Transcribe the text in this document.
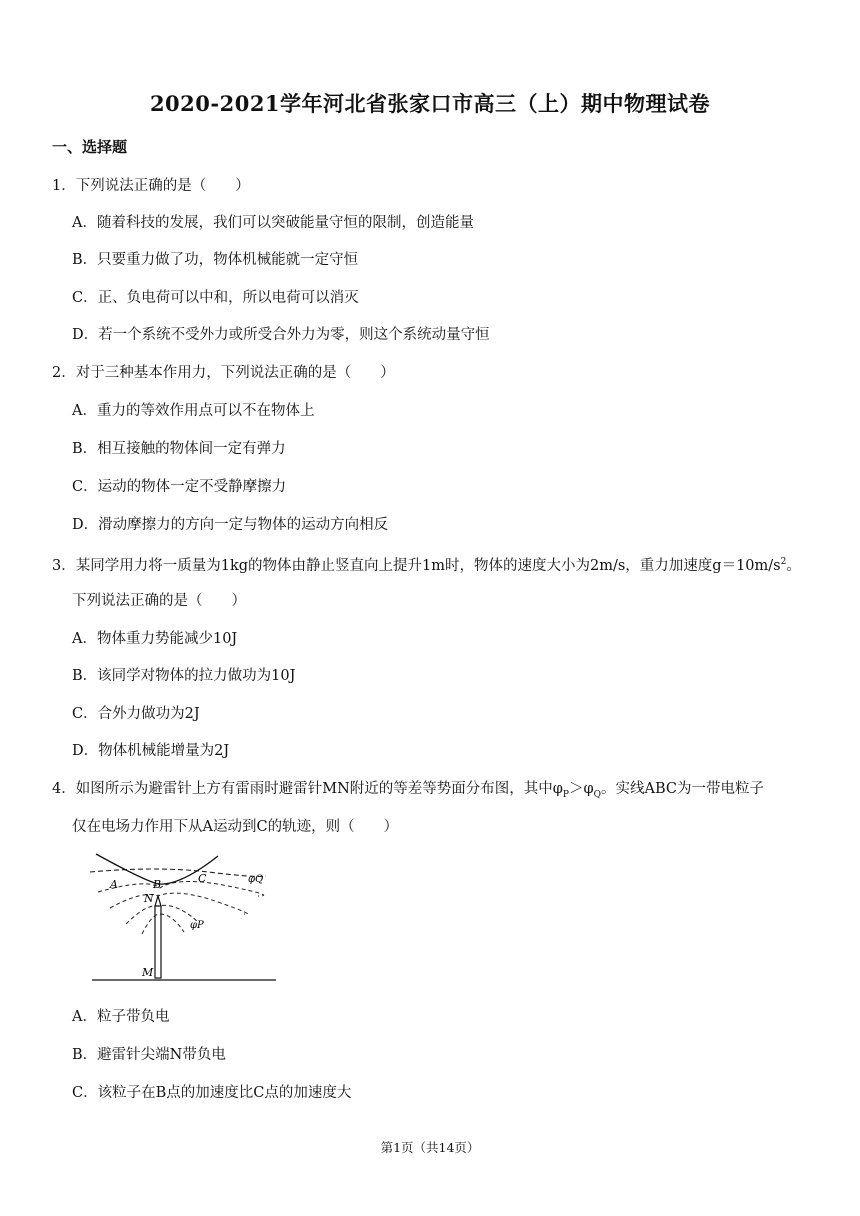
2020-2021学年河北省张家口市高三（上）期中物理试卷
一、选择题
1．下列说法正确的是（　　）
A．随着科技的发展，我们可以突破能量守恒的限制，创造能量
B．只要重力做了功，物体机械能就一定守恒
C．正、负电荷可以中和，所以电荷可以消灭
D．若一个系统不受外力或所受合外力为零，则这个系统动量守恒
2．对于三种基本作用力，下列说法正确的是（　　）
A．重力的等效作用点可以不在物体上
B．相互接触的物体间一定有弹力
C．运动的物体一定不受静摩擦力
D．滑动摩擦力的方向一定与物体的运动方向相反
3．某同学用力将一质量为1kg的物体由静止竖直向上提升1m时，物体的速度大小为2m/s，重力加速度$g=10m/s^2$。
下列说法正确的是（　　）
A．物体重力势能减少10J
B．该同学对物体的拉力做功为10J
C．合外力做功为2J
D．物体机械能增量为2J
4．如图所示为避雷针上方有雷雨时避雷针MN附近的等差等势面分布图，其中$\varphi_P>\varphi_Q$。实线ABC为一带电粒子
仅在电场力作用下从A运动到C的轨迹，则（　　）
A	B	C
N
M
φQ
φP
A．粒子带负电
B．避雷针尖端N带负电
C．该粒子在B点的加速度比C点的加速度大
第1页（共14页）
